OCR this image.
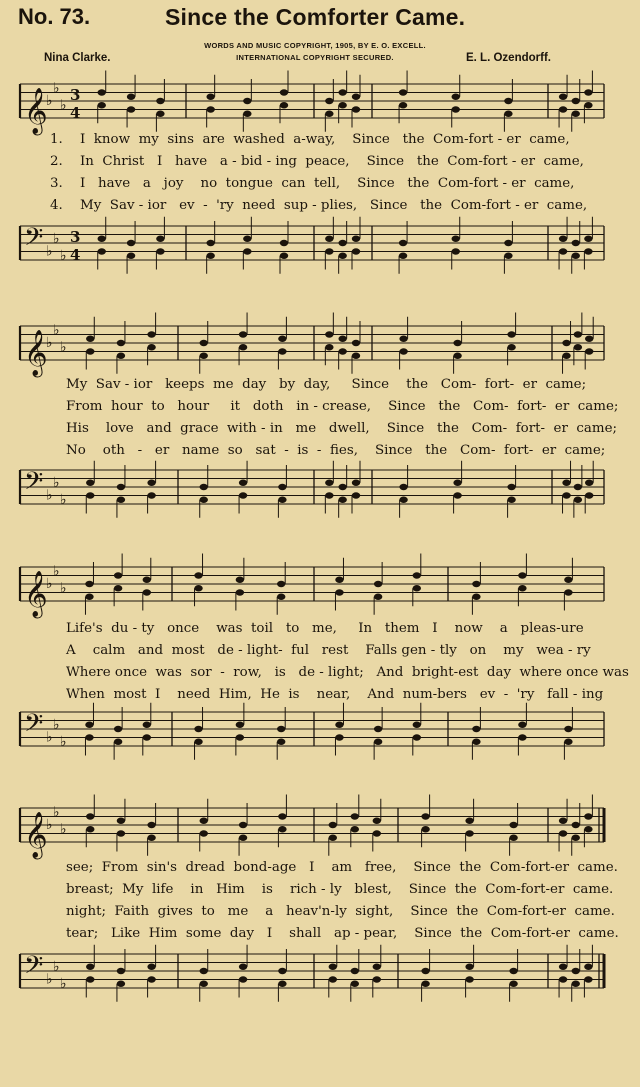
No. 73.	Since the Comforter Came.
WORDS AND MUSIC COPYRIGHT, 1905, BY E. O. EXCELL.
INTERNATIONAL COPYRIGHT SECURED.
Nina Clarke.	E. L. Ozendorff.
𝄞
♭
♭
♭
3
4
1. I  know  my  sins  are  washed  a-way,    Since   the  Com-fort - er  came,
2. In  Christ   I   have   a - bid - ing  peace,    Since   the  Com-fort - er  came,
3. I   have   a   joy    no  tongue  can  tell,    Since   the  Com-fort - er  came,
4. My  Sav - ior   ev  -  'ry  need  sup - plies,   Since   the  Com-fort - er  came,
𝄢 ♭
♭
♭
3
4
𝄞
♭
♭
♭
My  Sav - ior   keeps  me  day   by  day,     Since    the   Com-  fort-  er  came;
From  hour  to   hour     it   doth   in - crease,    Since   the   Com-  fort-  er  came;
His    love   and  grace  with - in   me   dwell,    Since   the   Com-  fort-  er  came;
No    oth   -   er   name  so   sat  -  is  -  fies,    Since   the   Com-  fort-  er  came;
𝄢 ♭
♭
♭
𝄞
♭
♭
♭
Life's  du - ty   once    was  toil   to   me,     In   them   I    now    a   pleas-ure
A    calm   and  most   de - light-  ful   rest    Falls gen - tly   on    my   wea - ry
Where once  was  sor  -  row,   is   de - light;   And  bright-est  day  where once was
When  most  I    need  Him,  He  is    near,    And  num-bers   ev  -  'ry   fall - ing
𝄢 ♭
♭
♭
𝄞
♭
♭
♭
see;  From  sin's  dread  bond-age   I    am   free,    Since  the  Com-fort-er  came.
breast;  My  life    in   Him    is    rich - ly   blest,    Since  the  Com-fort-er  came.
night;  Faith  gives  to   me    a   heav'n-ly  sight,    Since  the  Com-fort-er  came.
tear;   Like  Him  some  day   I    shall   ap - pear,    Since  the  Com-fort-er  came.
𝄢 ♭
♭
♭
